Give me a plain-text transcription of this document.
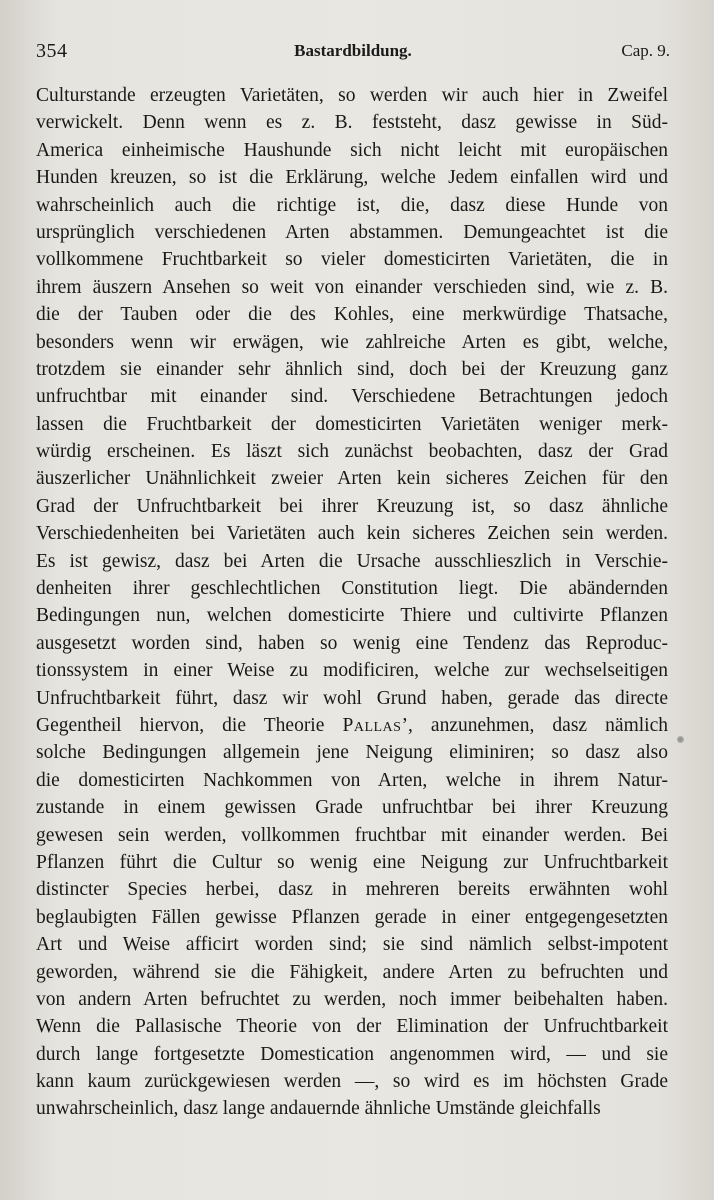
354	Bastardbildung.	Cap. 9.
Culturstande erzeugten Varietäten, so werden wir auch hier in Zweifel
verwickelt. Denn wenn es z. B. feststeht, dasz gewisse in Süd-
America einheimische Haushunde sich nicht leicht mit europäischen
Hunden kreuzen, so ist die Erklärung, welche Jedem einfallen wird und
wahrscheinlich auch die richtige ist, die, dasz diese Hunde von
ursprünglich verschiedenen Arten abstammen. Demungeachtet ist die
vollkommene Fruchtbarkeit so vieler domesticirten Varietäten, die in
ihrem äuszern Ansehen so weit von einander verschieden sind, wie z. B.
die der Tauben oder die des Kohles, eine merkwürdige Thatsache,
besonders wenn wir erwägen, wie zahlreiche Arten es gibt, welche,
trotzdem sie einander sehr ähnlich sind, doch bei der Kreuzung ganz
unfruchtbar mit einander sind. Verschiedene Betrachtungen jedoch
lassen die Fruchtbarkeit der domesticirten Varietäten weniger merk-
würdig erscheinen. Es läszt sich zunächst beobachten, dasz der Grad
äuszerlicher Unähnlichkeit zweier Arten kein sicheres Zeichen für den
Grad der Unfruchtbarkeit bei ihrer Kreuzung ist, so dasz ähnliche
Verschiedenheiten bei Varietäten auch kein sicheres Zeichen sein werden.
Es ist gewisz, dasz bei Arten die Ursache ausschlieszlich in Verschie-
denheiten ihrer geschlechtlichen Constitution liegt. Die abändernden
Bedingungen nun, welchen domesticirte Thiere und cultivirte Pflanzen
ausgesetzt worden sind, haben so wenig eine Tendenz das Reproduc-
tionssystem in einer Weise zu modificiren, welche zur wechselseitigen
Unfruchtbarkeit führt, dasz wir wohl Grund haben, gerade das directe
Gegentheil hiervon, die Theorie Pallas’, anzunehmen, dasz nämlich
solche Bedingungen allgemein jene Neigung eliminiren; so dasz also
die domesticirten Nachkommen von Arten, welche in ihrem Natur-
zustande in einem gewissen Grade unfruchtbar bei ihrer Kreuzung
gewesen sein werden, vollkommen fruchtbar mit einander werden. Bei
Pflanzen führt die Cultur so wenig eine Neigung zur Unfruchtbarkeit
distincter Species herbei, dasz in mehreren bereits erwähnten wohl
beglaubigten Fällen gewisse Pflanzen gerade in einer entgegengesetzten
Art und Weise afficirt worden sind; sie sind nämlich selbst-impotent
geworden, während sie die Fähigkeit, andere Arten zu befruchten und
von andern Arten befruchtet zu werden, noch immer beibehalten haben.
Wenn die Pallasische Theorie von der Elimination der Unfruchtbarkeit
durch lange fortgesetzte Domestication angenommen wird, — und sie
kann kaum zurückgewiesen werden —, so wird es im höchsten Grade
unwahrscheinlich, dasz lange andauernde ähnliche Umstände gleichfalls
